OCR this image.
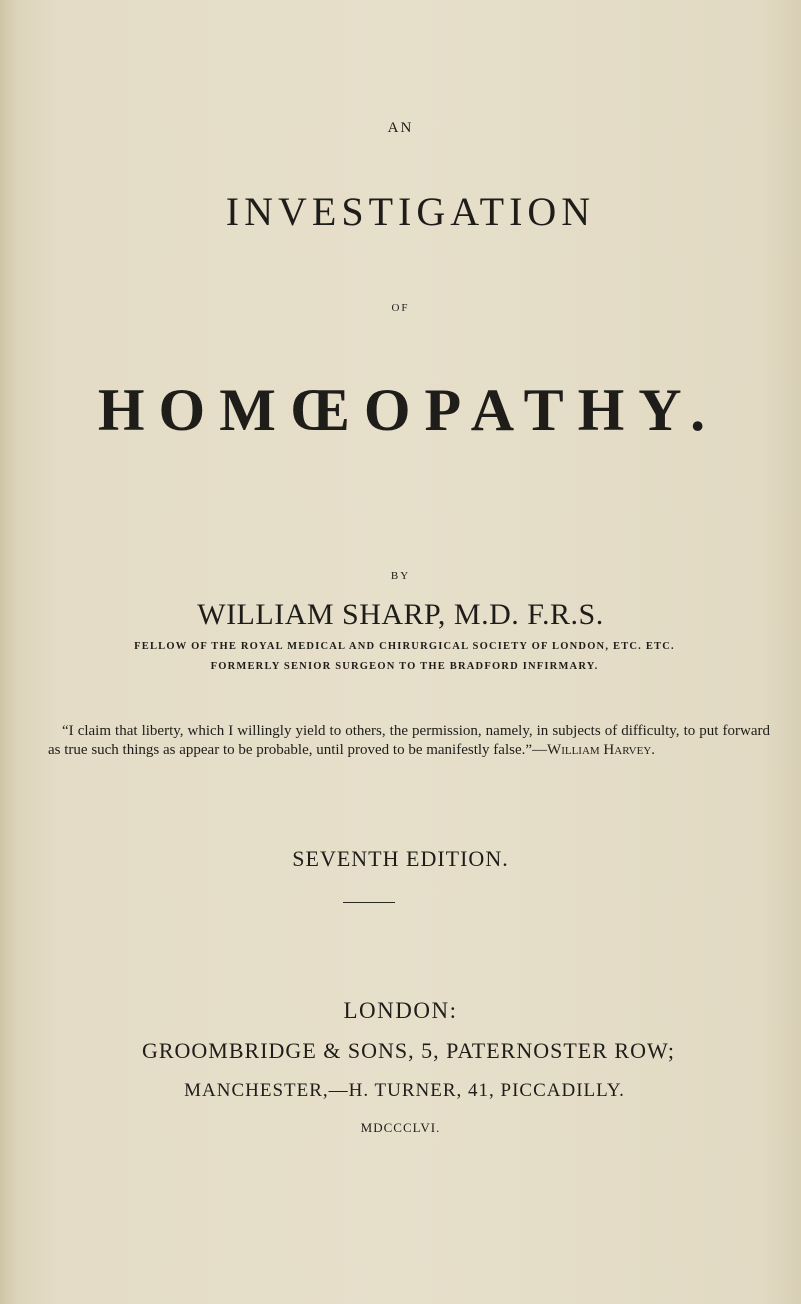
AN
INVESTIGATION
OF
HOMŒOPATHY.
BY
WILLIAM SHARP, M.D. F.R.S.
FELLOW OF THE ROYAL MEDICAL AND CHIRURGICAL SOCIETY OF LONDON, ETC. ETC.
FORMERLY SENIOR SURGEON TO THE BRADFORD INFIRMARY.
“I claim that liberty, which I willingly yield to others, the permission, namely, in subjects of difficulty, to put forward as true such things as appear to be probable, until proved to be manifestly false.”—William Harvey.
SEVENTH EDITION.
LONDON:
GROOMBRIDGE & SONS, 5, PATERNOSTER ROW;
MANCHESTER,—H. TURNER, 41, PICCADILLY.
MDCCCLVI.
